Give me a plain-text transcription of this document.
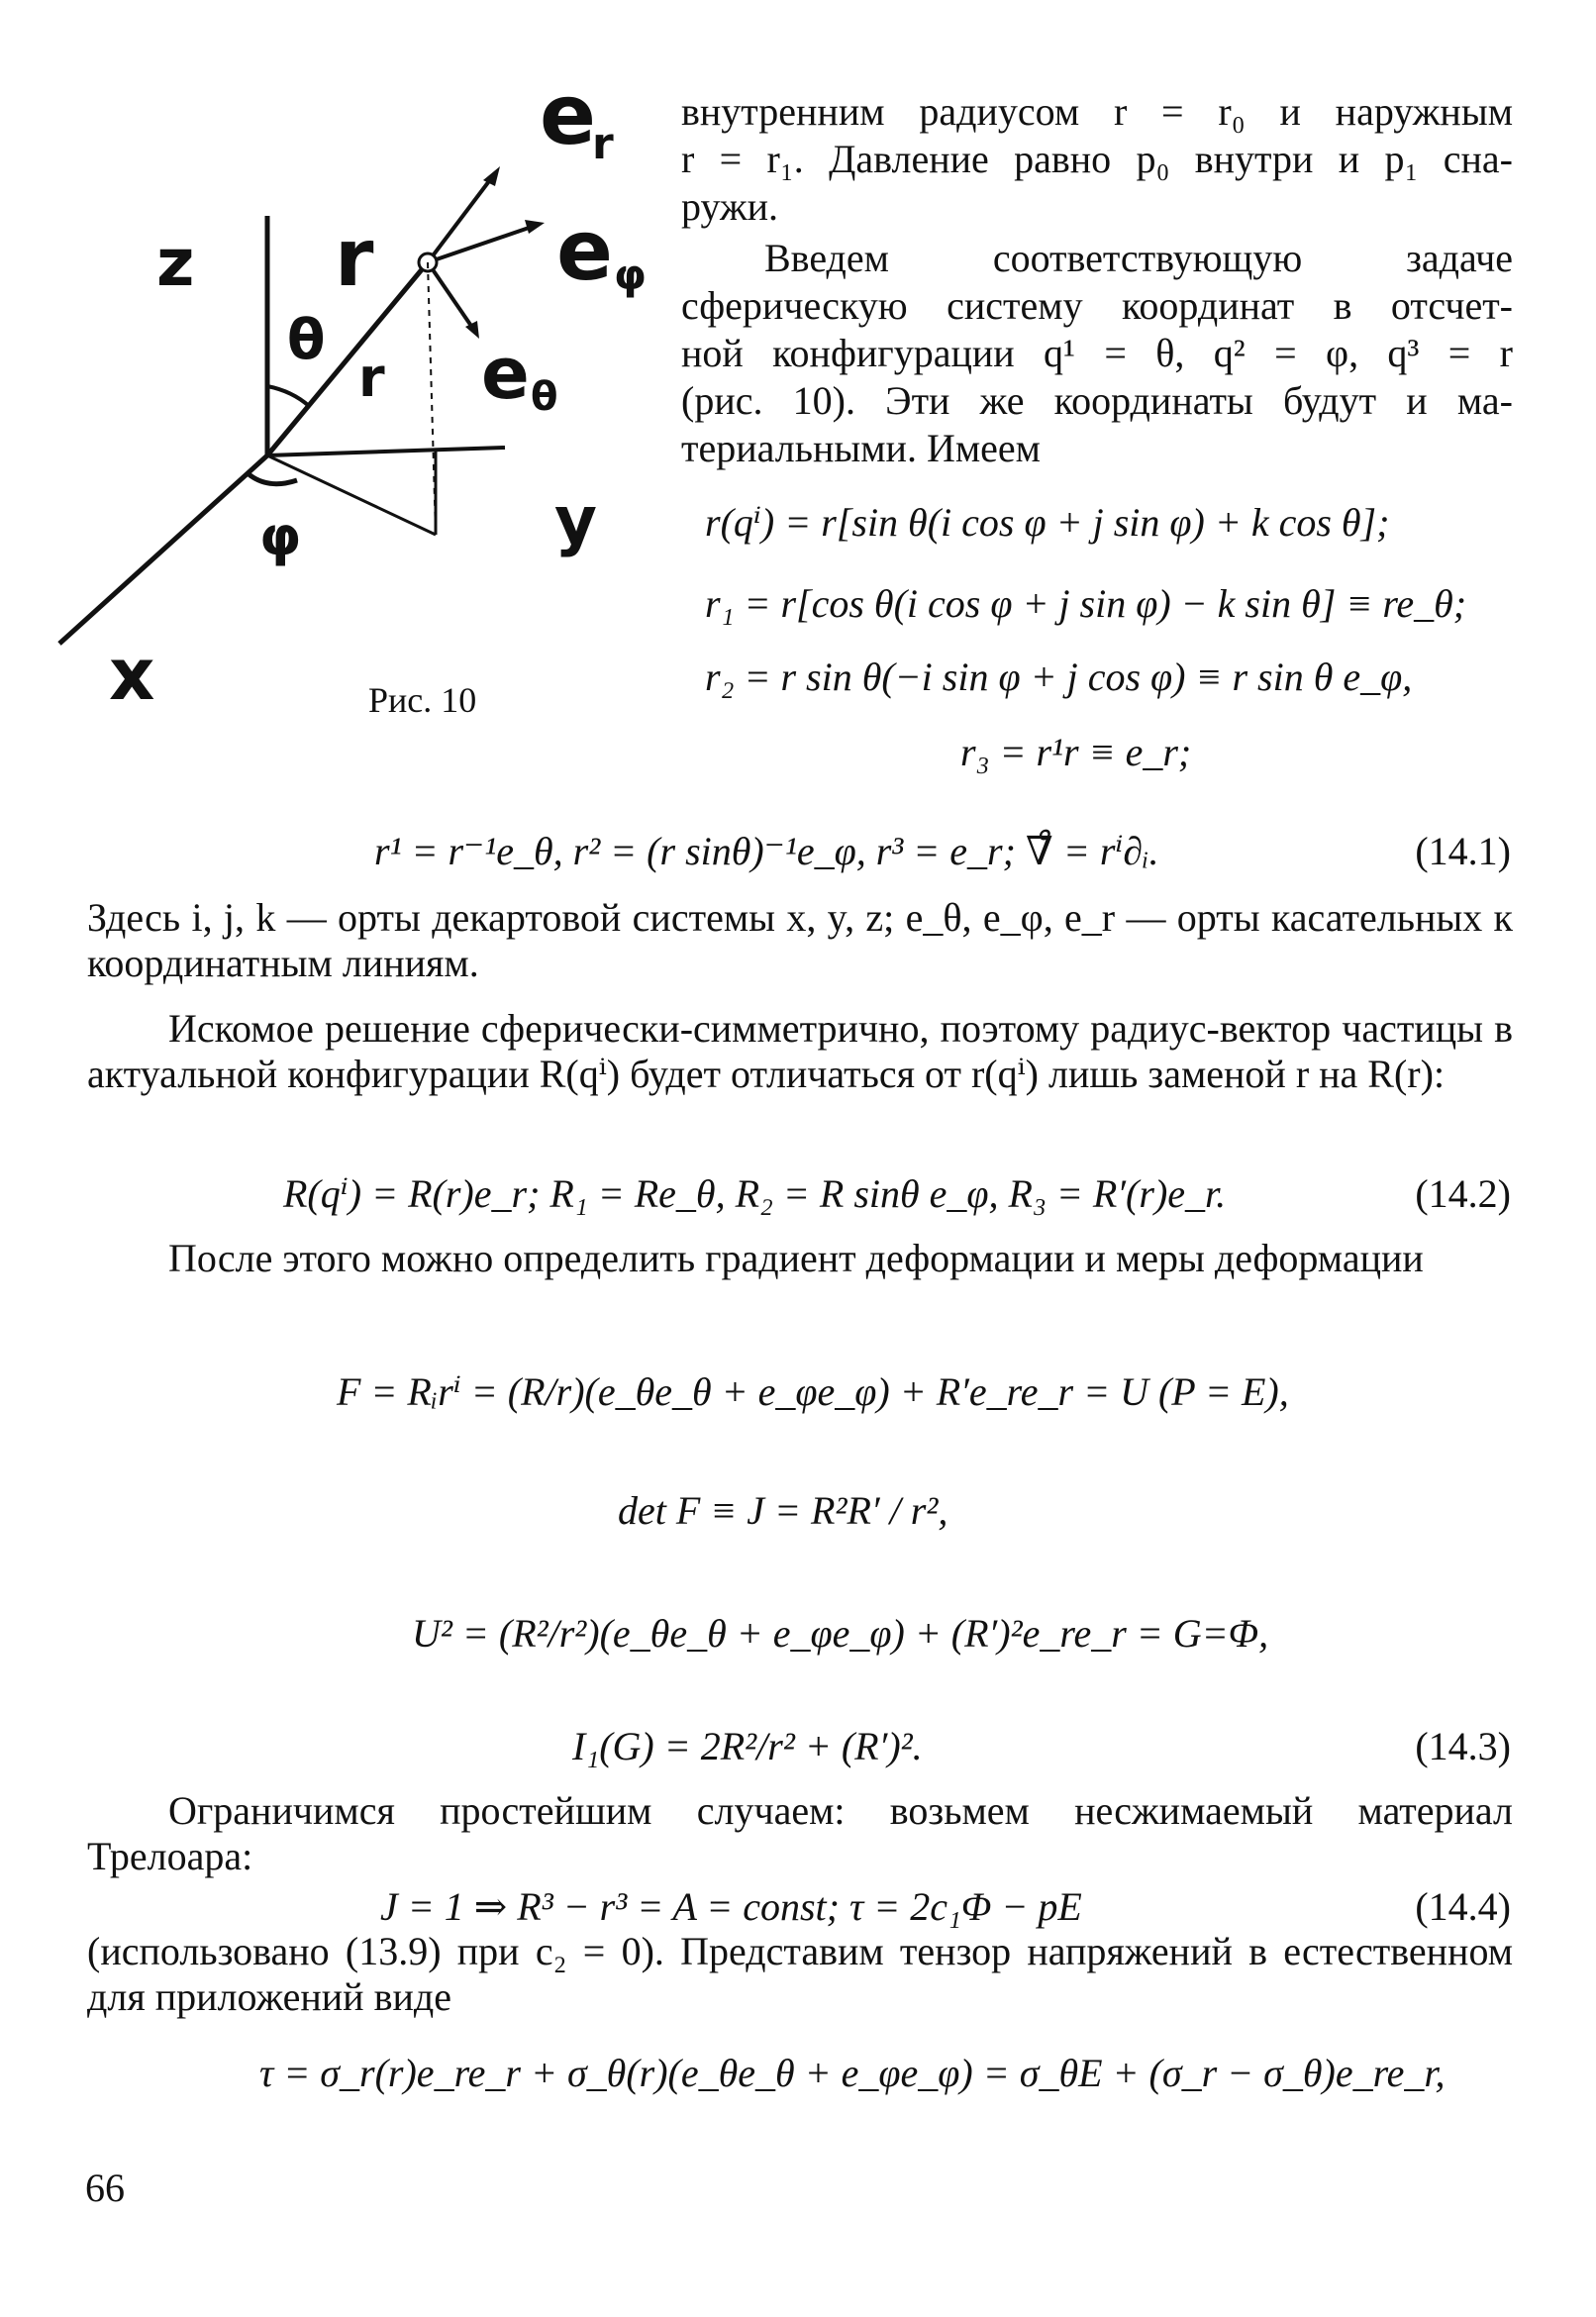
z r
θ
r
φ	y
x
e
r
e φ
e θ
Рис. 10
внутренним радиусом r = r₀ и наружным
r = r₁. Давление равно p₀ внутри и p₁ сна-
ружи.
Введем соответствующую задаче
сферическую систему координат в отсчет-
ной конфигурации q¹ = θ, q² = φ, q³ = r
(рис. 10). Эти же координаты будут и ма-
териальными. Имеем
r(qⁱ) = r[sin θ(i cos φ + j sin φ) + k cos θ];
r₁ = r[cos θ(i cos φ + j sin φ) − k sin θ] ≡ re_θ;
r₂ = r sin θ(−i sin φ + j cos φ) ≡ r sin θ e_φ,
r₃ = r¹r ≡ e_r;
r¹ = r⁻¹e_θ, r² = (r sinθ)⁻¹e_φ, r³ = e_r; ∇̊ = rⁱ∂ᵢ.	(14.1)
Здесь i, j, k — орты декартовой системы x, y, z; e_θ, e_φ, e_r — орты касательных к координатным линиям.
Искомое решение сферически-симметрично, поэтому радиус-вектор частицы в актуальной конфигурации R(qⁱ) будет отличаться от r(qⁱ) лишь заменой r на R(r):
R(qⁱ) = R(r)e_r; R₁ = Re_θ, R₂ = R sinθ e_φ, R₃ = R′(r)e_r.	(14.2)
После этого можно определить градиент деформации и меры деформации
F = Rᵢrⁱ = (R/r)(e_θe_θ + e_φe_φ) + R′e_re_r = U (P = E),
det F ≡ J = R²R′ / r²,
U² = (R²/r²)(e_θe_θ + e_φe_φ) + (R′)²e_re_r = G=Φ,
I₁(G) = 2R²/r² + (R′)².	(14.3)
Ограничимся простейшим случаем: возьмем несжимаемый материал Трелоара:
J = 1 ⇒ R³ − r³ = A = const; τ = 2c₁Φ − pE	(14.4)
(использовано (13.9) при c₂ = 0). Представим тензор напряжений в естественном для приложений виде
τ = σ_r(r)e_re_r + σ_θ(r)(e_θe_θ + e_φe_φ) = σ_θE + (σ_r − σ_θ)e_re_r,
66
